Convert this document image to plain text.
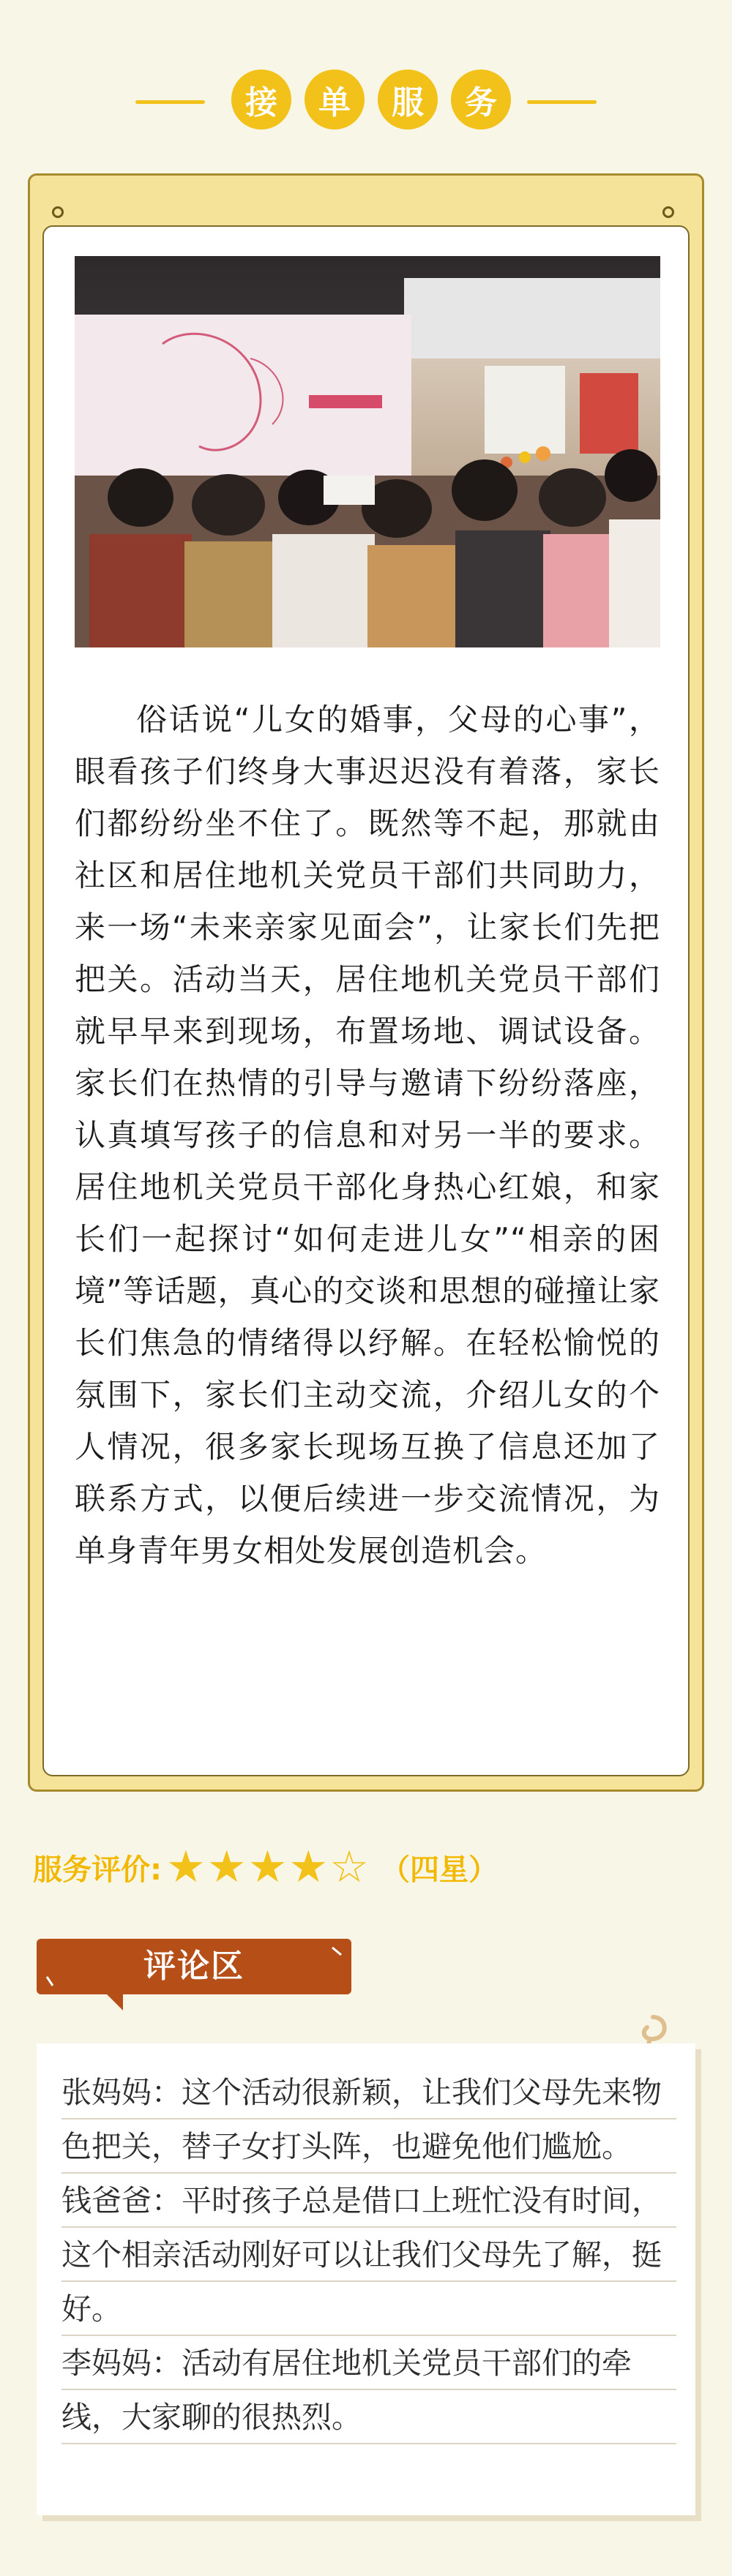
接	单	服	务

俗话说“儿女的婚事，父母的心事”，眼看孩子们终身大事迟迟没有着落，家长们都纷纷坐不住了。既然等不起，那就由社区和居住地机关党员干部们共同助力，来一场“未来亲家见面会”，让家长们先把把关。活动当天，居住地机关党员干部们就早早来到现场，布置场地、调试设备。家长们在热情的引导与邀请下纷纷落座，认真填写孩子的信息和对另一半的要求。居住地机关党员干部化身热心红娘，和家长们一起探讨“如何走进儿女”“相亲的困境”等话题，真心的交谈和思想的碰撞让家长们焦急的情绪得以纾解。在轻松愉悦的氛围下，家长们主动交流，介绍儿女的个人情况，很多家长现场互换了信息还加了联系方式，以便后续进一步交流情况，为单身青年男女相处发展创造机会。

服务评价: ★★★★☆ （四星）
评论区
张妈妈：这个活动很新颖，让我们父母先来物色把关，替子女打头阵，也避免他们尴尬。
钱爸爸：平时孩子总是借口上班忙没有时间，这个相亲活动刚好可以让我们父母先了解，挺好。
李妈妈：活动有居住地机关党员干部们的牵线，大家聊的很热烈。
